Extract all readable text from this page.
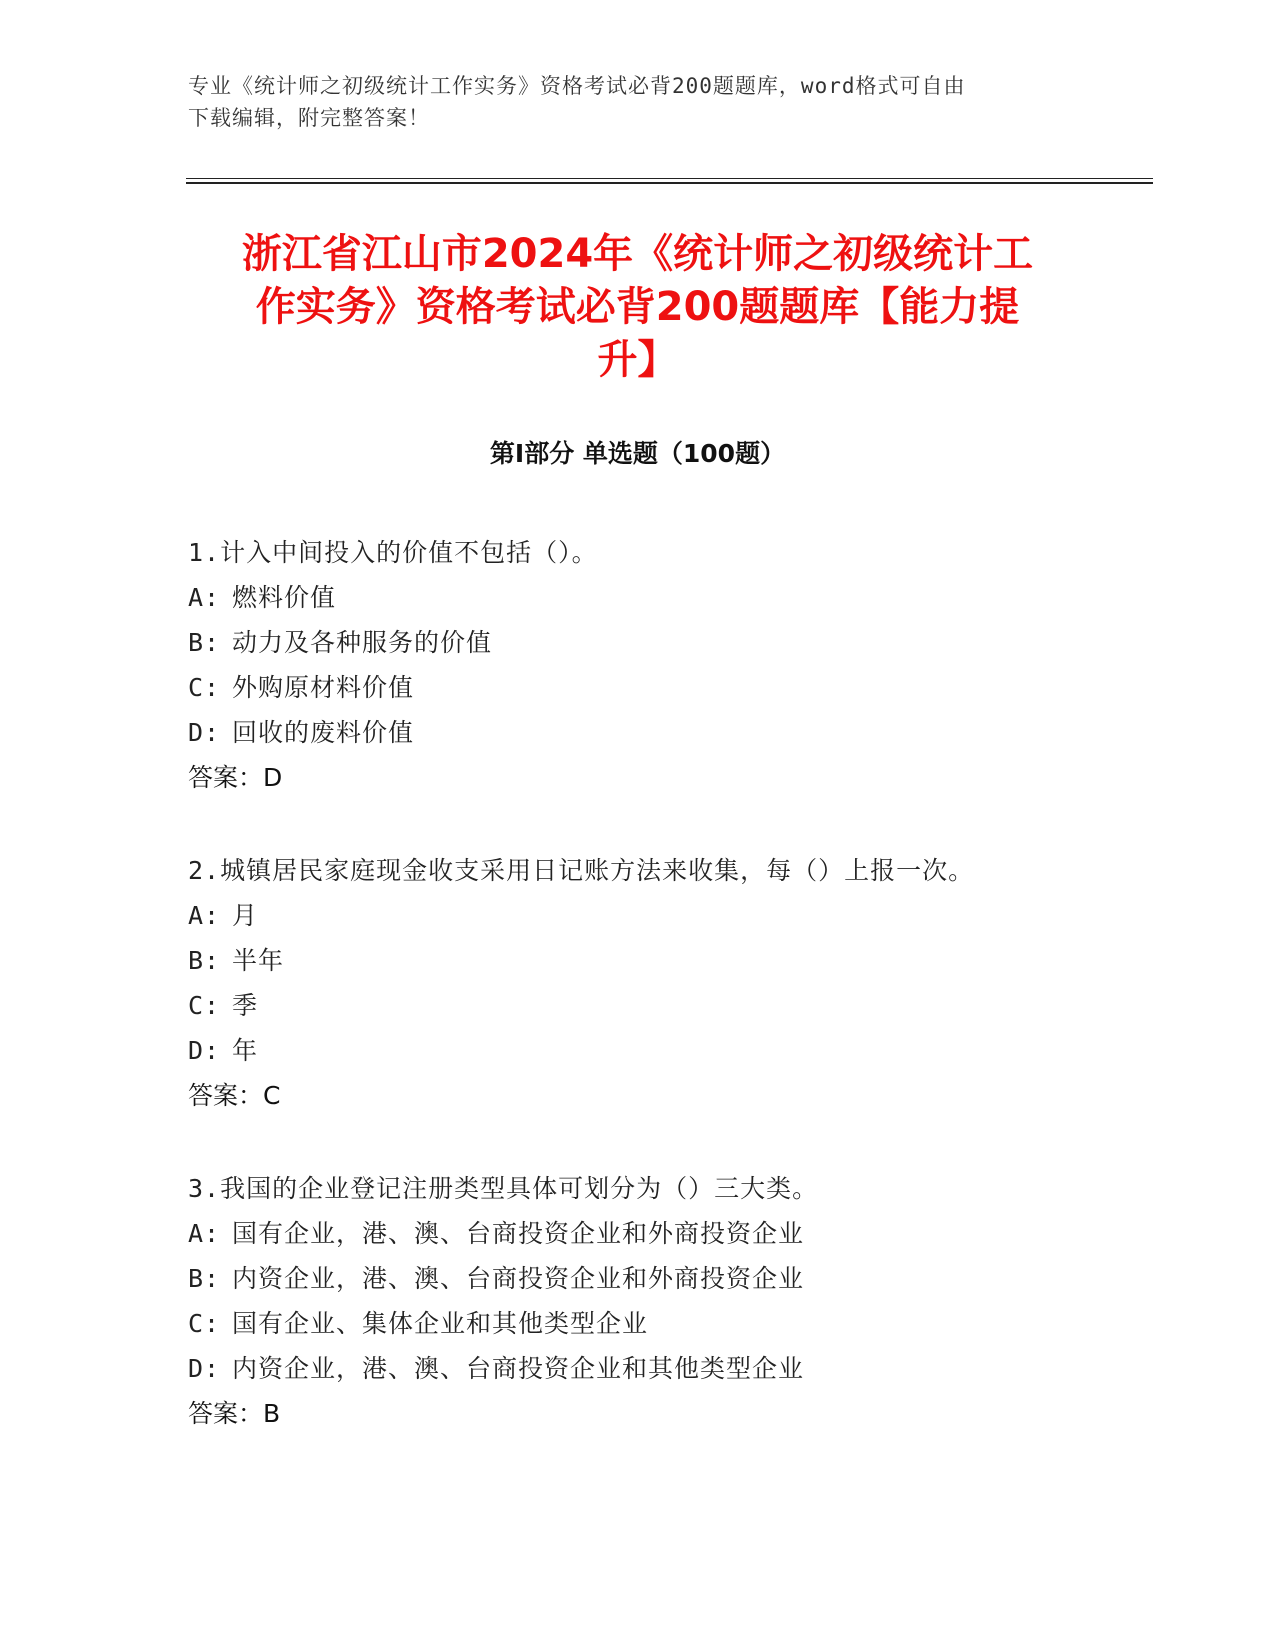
专业《统计师之初级统计工作实务》资格考试必背200题题库，word格式可自由
下载编辑，附完整答案！
浙江省江山市2024年《统计师之初级统计工
作实务》资格考试必背200题题库【能力提
升】
第Ⅰ部分 单选题（100题）
1.计入中间投入的价值不包括（）。
A: 燃料价值
B: 动力及各种服务的价值
C: 外购原材料价值
D: 回收的废料价值
答案：D
2.城镇居民家庭现金收支采用日记账方法来收集，每（）上报一次。
A: 月
B: 半年
C: 季
D: 年
答案：C
3.我国的企业登记注册类型具体可划分为（）三大类。
A: 国有企业，港、澳、台商投资企业和外商投资企业
B: 内资企业，港、澳、台商投资企业和外商投资企业
C: 国有企业、集体企业和其他类型企业
D: 内资企业，港、澳、台商投资企业和其他类型企业
答案：B
